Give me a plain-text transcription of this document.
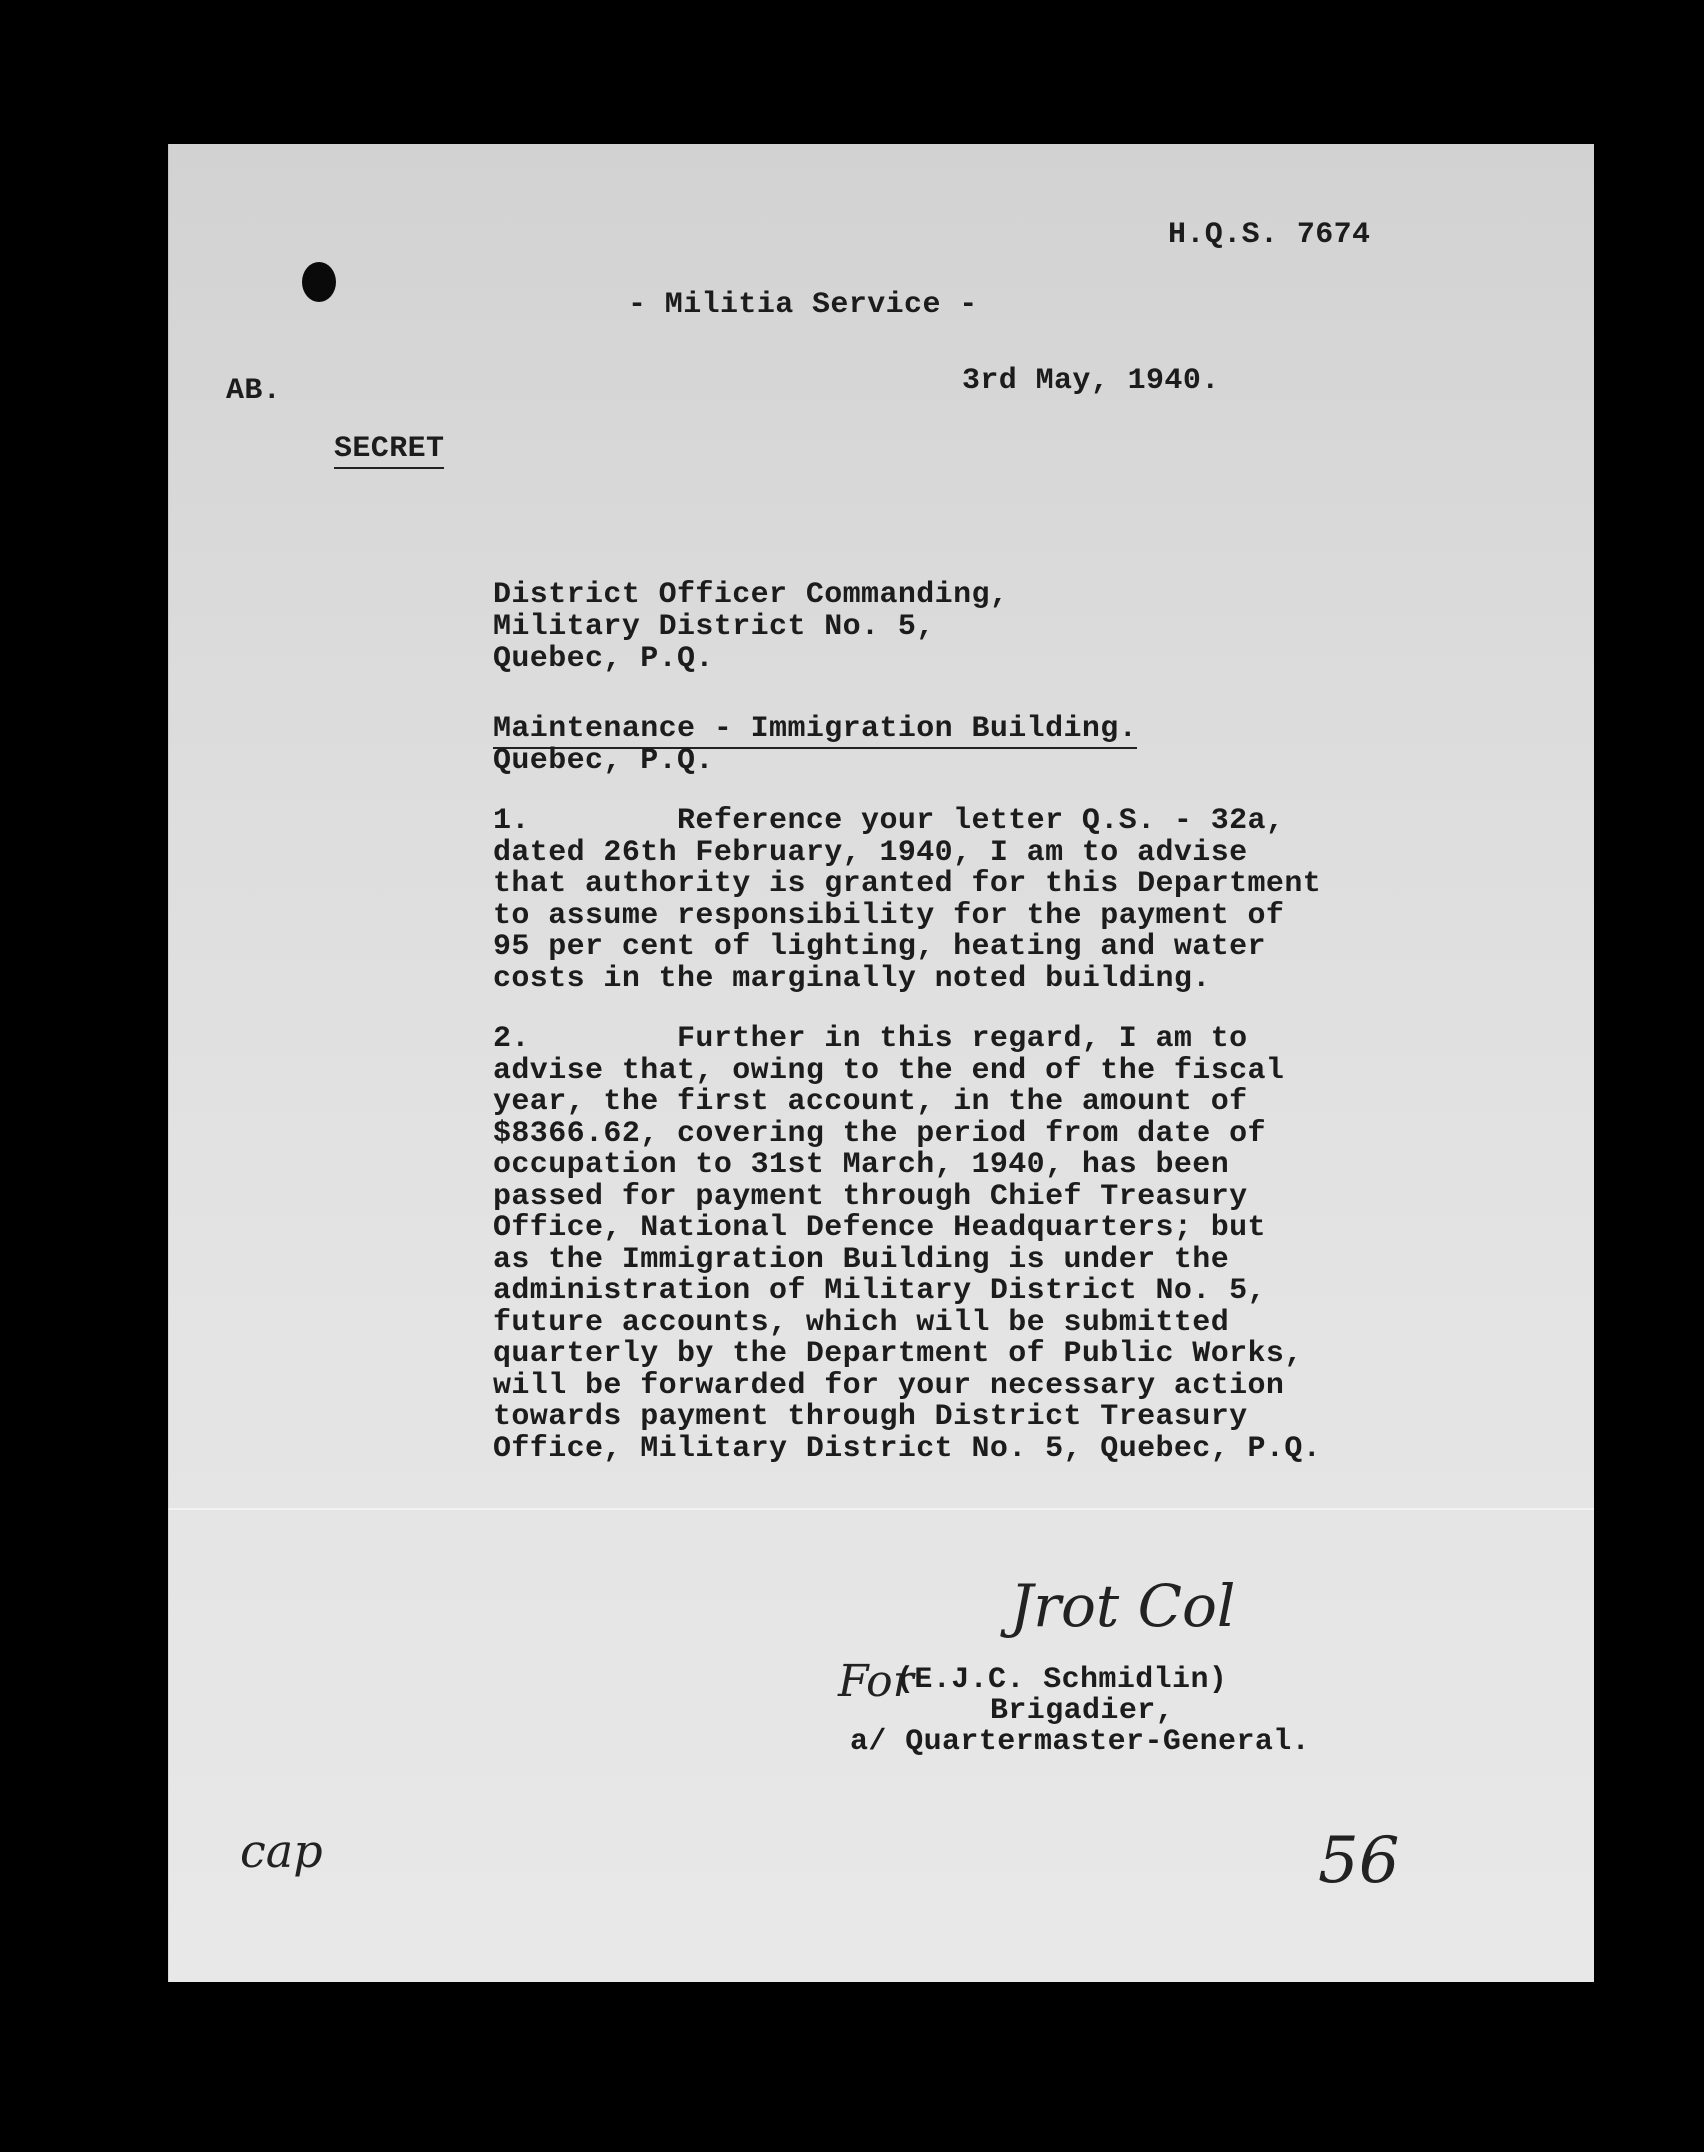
H.Q.S. 7674
- Militia Service -
AB.	3rd May, 1940.
SECRET
District Officer Commanding,
Military District No. 5,
Quebec, P.Q.
Maintenance - Immigration Building.
Quebec, P.Q.
1.        Reference your letter Q.S. - 32a,
dated 26th February, 1940, I am to advise
that authority is granted for this Department
to assume responsibility for the payment of
95 per cent of lighting, heating and water
costs in the marginally noted building.
2.        Further in this regard, I am to
advise that, owing to the end of the fiscal
year, the first account, in the amount of
$8366.62, covering the period from date of
occupation to 31st March, 1940, has been
passed for payment through Chief Treasury
Office, National Defence Headquarters; but
as the Immigration Building is under the
administration of Military District No. 5,
future accounts, which will be submitted
quarterly by the Department of Public Works,
will be forwarded for your necessary action
towards payment through District Treasury
Office, Military District No. 5, Quebec, P.Q.
Jrot Col
For
(E.J.C. Schmidlin)
Brigadier,
a/ Quartermaster-General.
cap	56
